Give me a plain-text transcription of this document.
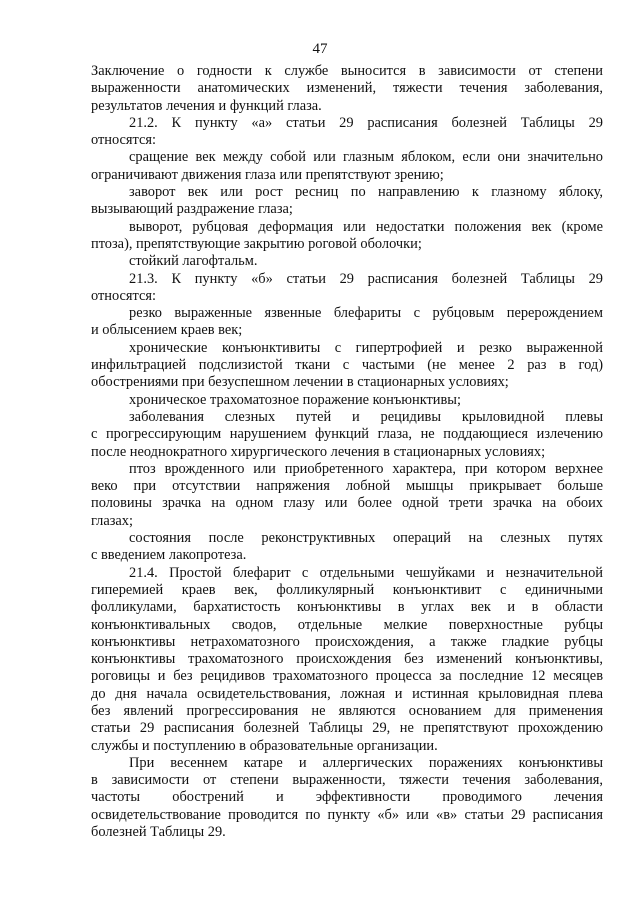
47
Заключение о годности к службе выносится в зависимости от степени
выраженности анатомических изменений, тяжести течения заболевания,
результатов лечения и функций глаза.
21.2. К пункту «а» статьи 29 расписания болезней Таблицы 29
относятся:
сращение век между собой или глазным яблоком, если они значительно
ограничивают движения глаза или препятствуют зрению;
заворот век или рост ресниц по направлению к глазному яблоку,
вызывающий раздражение глаза;
выворот, рубцовая деформация или недостатки положения век (кроме
птоза), препятствующие закрытию роговой оболочки;
стойкий лагофтальм.
21.3. К пункту «б» статьи 29 расписания болезней Таблицы 29
относятся:
резко выраженные язвенные блефариты с рубцовым перерождением
и облысением краев век;
хронические конъюнктивиты с гипертрофией и резко выраженной
инфильтрацией подслизистой ткани с частыми (не менее 2 раз в год)
обострениями при безуспешном лечении в стационарных условиях;
хроническое трахоматозное поражение конъюнктивы;
заболевания слезных путей и рецидивы крыловидной плевы
с прогрессирующим нарушением функций глаза, не поддающиеся излечению
после неоднократного хирургического лечения в стационарных условиях;
птоз врожденного или приобретенного характера, при котором верхнее
веко при отсутствии напряжения лобной мышцы прикрывает больше
половины зрачка на одном глазу или более одной трети зрачка на обоих
глазах;
состояния после реконструктивных операций на слезных путях
с введением лакопротеза.
21.4. Простой блефарит с отдельными чешуйками и незначительной
гиперемией краев век, фолликулярный конъюнктивит с единичными
фолликулами, бархатистость конъюнктивы в углах век и в области
конъюнктивальных сводов, отдельные мелкие поверхностные рубцы
конъюнктивы нетрахоматозного происхождения, а также гладкие рубцы
конъюнктивы трахоматозного происхождения без изменений конъюнктивы,
роговицы и без рецидивов трахоматозного процесса за последние 12 месяцев
до дня начала освидетельствования, ложная и истинная крыловидная плева
без явлений прогрессирования не являются основанием для применения
статьи 29 расписания болезней Таблицы 29, не препятствуют прохождению
службы и поступлению в образовательные организации.
При весеннем катаре и аллергических поражениях конъюнктивы
в зависимости от степени выраженности, тяжести течения заболевания,
частоты обострений и эффективности проводимого лечения
освидетельствование проводится по пункту «б» или «в» статьи 29 расписания
болезней Таблицы 29.
